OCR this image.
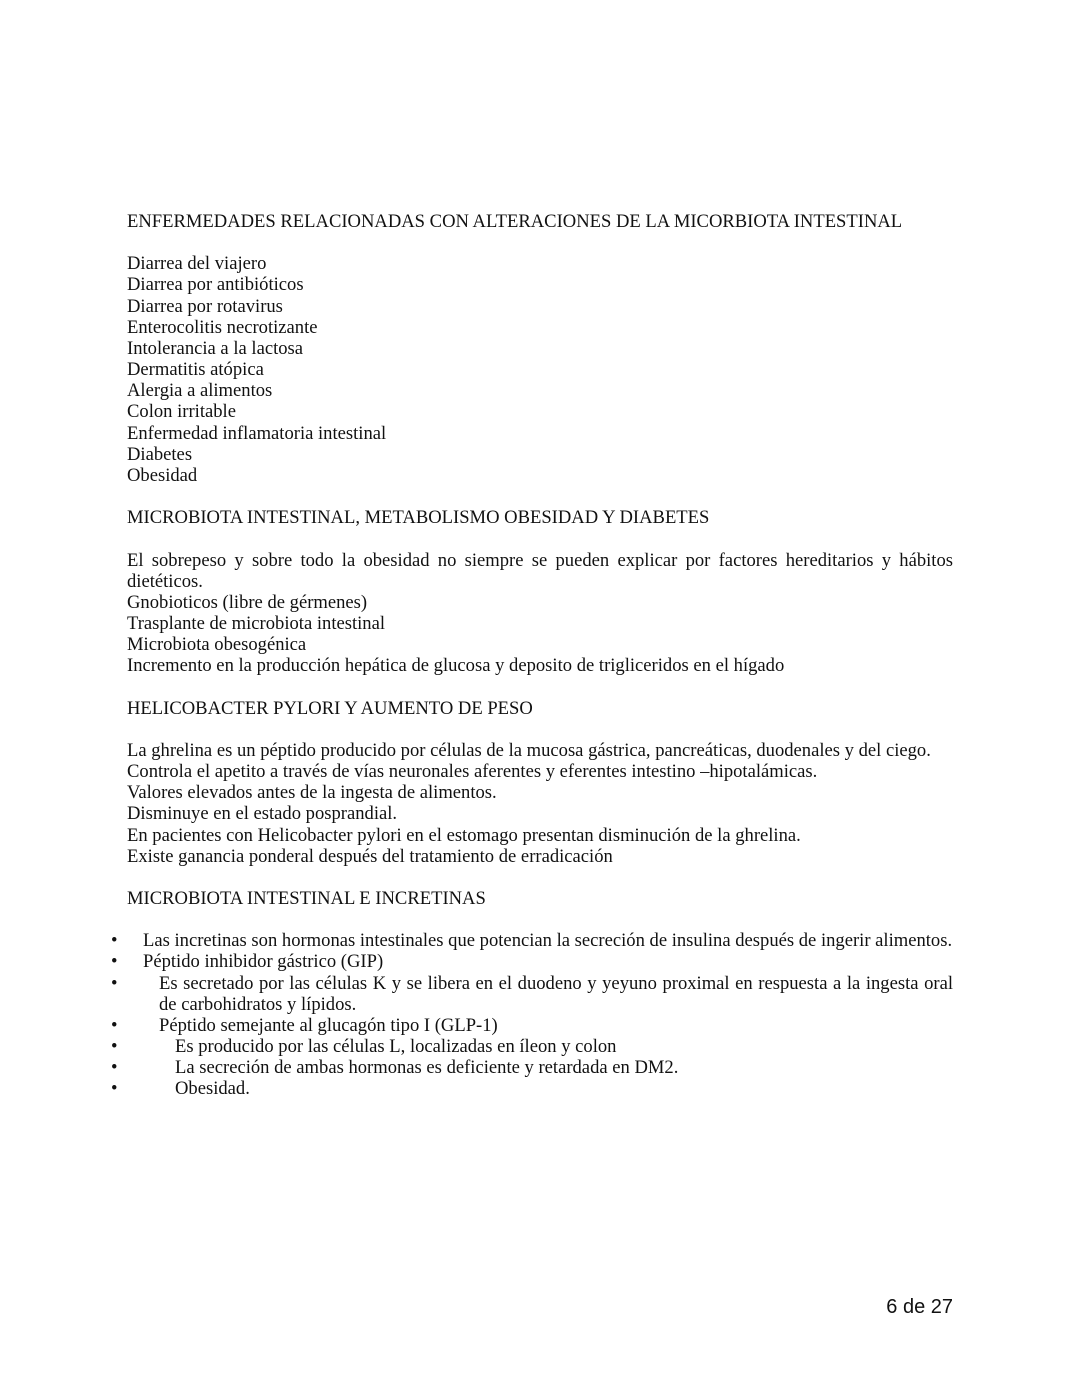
ENFERMEDADES RELACIONADAS CON ALTERACIONES DE LA MICORBIOTA INTESTINAL
Diarrea del viajero
Diarrea por antibióticos
Diarrea por rotavirus
Enterocolitis necrotizante
Intolerancia a la lactosa
Dermatitis atópica
Alergia a alimentos
Colon irritable
Enfermedad inflamatoria intestinal
Diabetes
Obesidad
MICROBIOTA INTESTINAL, METABOLISMO OBESIDAD Y DIABETES
El sobrepeso y sobre todo la obesidad no siempre se pueden explicar por factores hereditarios y hábitos dietéticos.
Gnobioticos (libre de gérmenes)
Trasplante de microbiota intestinal
Microbiota obesogénica
Incremento en la producción hepática de glucosa y deposito de trigliceridos en el hígado
HELICOBACTER PYLORI Y AUMENTO DE PESO
La ghrelina es un péptido producido por células de la mucosa gástrica, pancreáticas, duodenales y del ciego.
Controla el apetito a través de vías neuronales aferentes y eferentes intestino –hipotalámicas.
Valores elevados antes de la ingesta de alimentos.
Disminuye en el estado posprandial.
En pacientes con Helicobacter pylori en el estomago presentan disminución de la ghrelina.
Existe ganancia ponderal después del tratamiento de erradicación
MICROBIOTA INTESTINAL E INCRETINAS
• Las incretinas son hormonas intestinales que potencian la secreción de insulina después de ingerir alimentos.
• Péptido inhibidor gástrico (GIP)
• Es secretado por las células K y se libera en el duodeno y yeyuno proximal en respuesta a la ingesta oral de carbohidratos y lípidos.
• Péptido semejante al glucagón tipo I (GLP-1)
• Es producido por las células L, localizadas en íleon y colon
• La secreción de ambas hormonas es deficiente y retardada en DM2.
• Obesidad.
6 de 27
